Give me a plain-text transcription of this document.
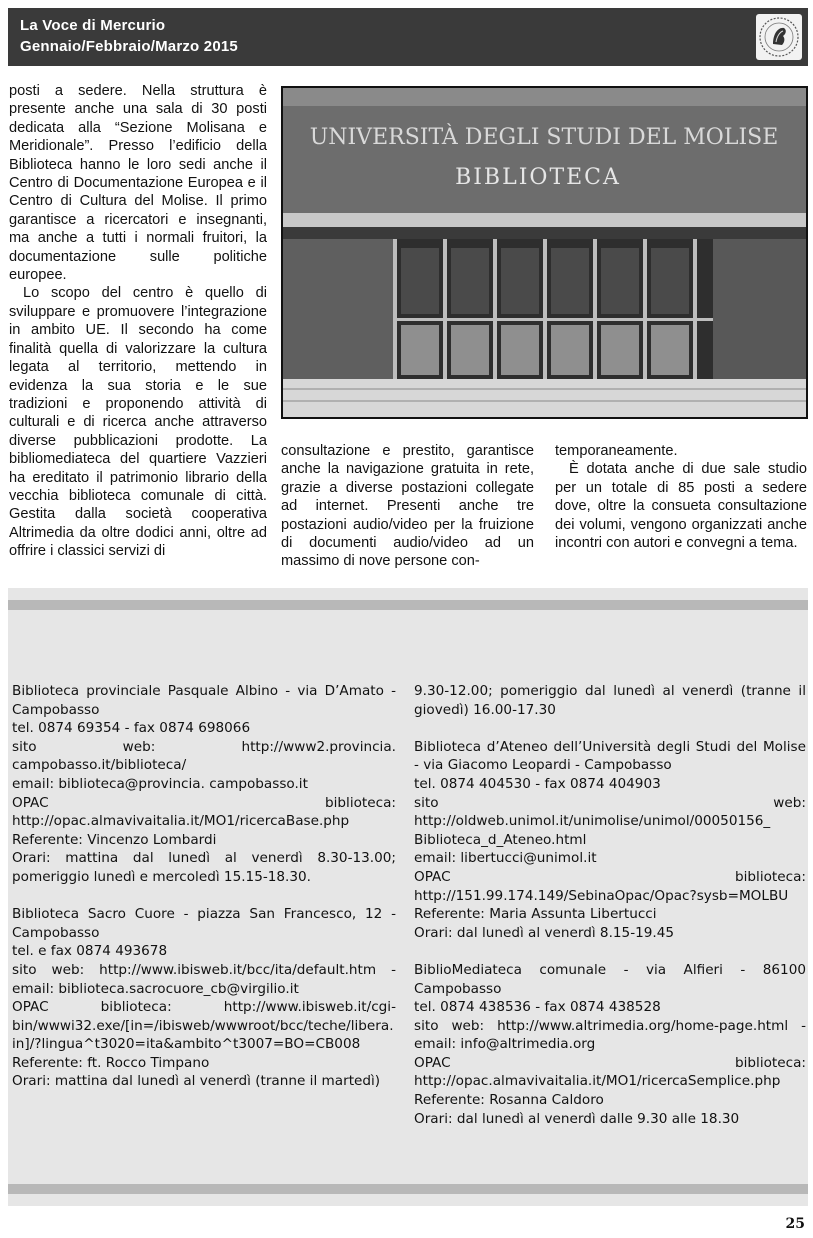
La Voce di Mercurio
Gennaio/Febbraio/Marzo 2015
UNIVERSITÀ DEGLI STUDI DEL MOLISE
BIBLIOTECA

posti a sedere. Nella struttura è presente anche una sala di 30 posti dedicata alla “Sezione Molisana e Meridionale”. Presso l’edificio della Biblioteca hanno le loro sedi anche il Centro di Documentazione Europea e il Centro di Cultura del Molise. Il primo garantisce a ricercatori e insegnanti, ma anche a tutti i normali fruitori, la documentazione sulle politiche europee.

Lo scopo del centro è quello di sviluppare e promuovere l’integrazione in ambito UE. Il secondo ha come finalità quella di valorizzare la cultura legata al territorio, mettendo in evidenza la sua storia e le sue tradizioni e proponendo attività di culturali e di ricerca anche attraverso diverse pubblicazioni prodotte. La bibliomediateca del quartiere Vazzieri ha ereditato il patrimonio librario della vecchia biblioteca comunale di città. Gestita dalla società cooperativa Altrimedia da oltre dodici anni, oltre ad offrire i classici servizi di

consultazione e prestito, garantisce anche la navigazione gratuita in rete, grazie a diverse postazioni collegate ad internet. Presenti anche tre postazioni audio/video per la fruizione di documenti audio/video ad un massimo di nove persone con-

temporaneamente.

È dotata anche di due sale studio per un totale di 85 posti a sedere dove, oltre la consueta consultazione dei volumi, vengono organizzati anche incontri con autori e convegni a tema.

Biblioteca provinciale Pasquale Albino - via D’Amato - Campobasso
tel. 0874 69354 - fax 0874 698066
sito web: http://www2.provincia. campobasso.it/biblioteca/
email: biblioteca@provincia. campobasso.it
OPAC biblioteca: http://opac.almavivaitalia.it/MO1/ricercaBase.php
Referente: Vincenzo Lombardi
Orari: mattina dal lunedì al venerdì 8.30-13.00; pomeriggio lunedì e mercoledì 15.15-18.30.
Biblioteca Sacro Cuore - piazza San Francesco, 12 - Campobasso
tel. e fax 0874 493678
sito web: http://www.ibisweb.it/bcc/ita/default.htm - email: biblioteca.sacrocuore_cb@virgilio.it
OPAC biblioteca: http://www.ibisweb.it/cgi-bin/wwwi32.exe/[in=/ibisweb/wwwroot/bcc/teche/libera.in]/?lingua^t3020=ita&ambito^t3007=BO=CB008
Referente: ft. Rocco Timpano
Orari: mattina dal lunedì al venerdì (tranne il martedì)
9.30-12.00; pomeriggio dal lunedì al venerdì (tranne il giovedì) 16.00-17.30
Biblioteca d’Ateneo dell’Università degli Studi del Molise - via Giacomo Leopardi - Campobasso
tel. 0874 404530 - fax 0874 404903
sito web: http://oldweb.unimol.it/unimolise/unimol/00050156_ Biblioteca_d_Ateneo.html
email: libertucci@unimol.it
OPAC biblioteca: http://151.99.174.149/SebinaOpac/Opac?sysb=MOLBU
Referente: Maria Assunta Libertucci
Orari: dal lunedì al venerdì 8.15-19.45
BiblioMediateca comunale - via Alfieri - 86100 Campobasso
tel. 0874 438536 - fax 0874 438528
sito web: http://www.altrimedia.org/home-page.html - email: info@altrimedia.org
OPAC biblioteca: http://opac.almavivaitalia.it/MO1/ricercaSemplice.php
Referente: Rosanna Caldoro
Orari: dal lunedì al venerdì dalle 9.30 alle 18.30
25
